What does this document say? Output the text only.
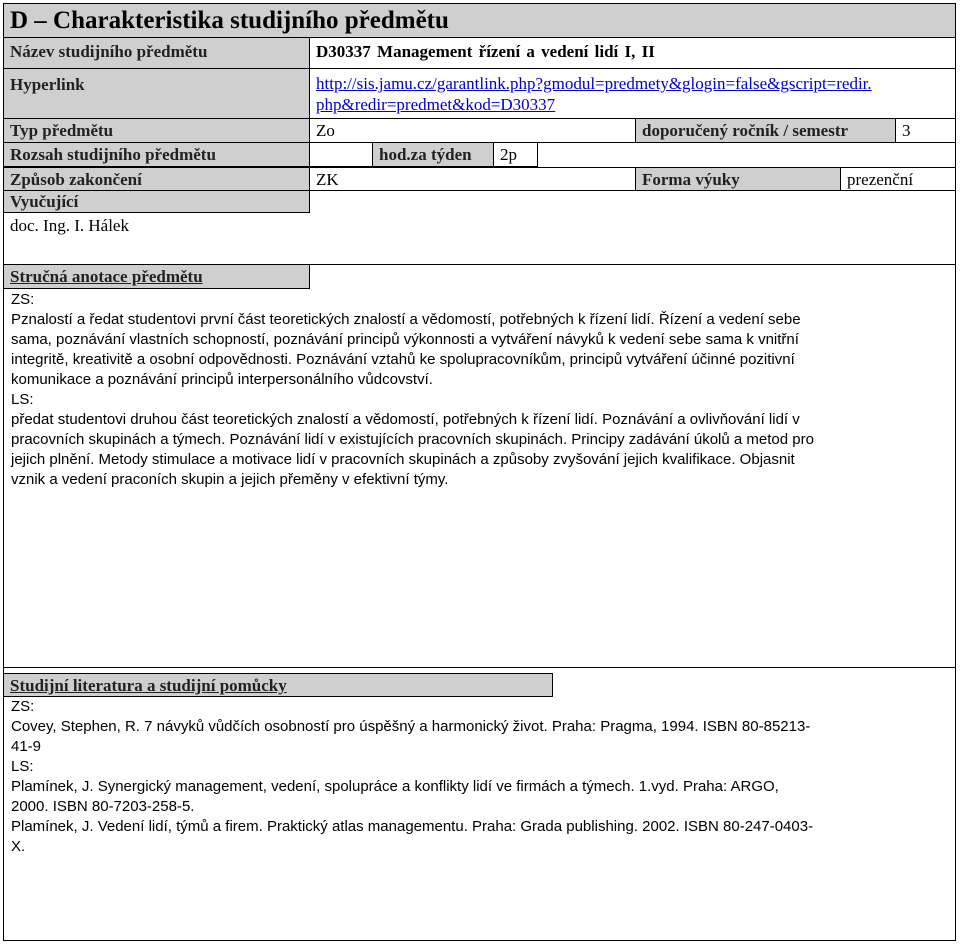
D – Charakteristika studijního předmětu
Název studijního předmětu	D30337 Management řízení a vedení lidí I, II
Hyperlink	http://sis.jamu.cz/garantlink.php?gmodul=predmety&glogin=false&gscript=redir.
php&redir=predmet&kod=D30337
Typ předmětu	Zo	doporučený ročník / semestr	3
Rozsah studijního předmětu	hod.za týden	2p
Způsob zakončení	ZK	Forma výuky	prezenční
Vyučující
doc. Ing. I. Hálek
Stručná anotace předmětu
ZS:
Pznalostí a ředat studentovi první část teoretických znalostí a vědomostí, potřebných k řízení lidí. Řízení a vedení sebe
sama, poznávání vlastních schopností, poznávání principů výkonnosti a vytváření návyků k vedení sebe sama k vnitřní
integritě, kreativitě a osobní odpovědnosti. Poznávání vztahů ke spolupracovníkům, principů vytváření účinné pozitivní
komunikace a poznávání principů interpersonálního vůdcovství.
LS:
předat studentovi druhou část teoretických znalostí a vědomostí, potřebných k řízení lidí. Poznávání a ovlivňování lidí v
pracovních skupinách a týmech. Poznávání lidí v existujících pracovních skupinách. Principy zadávání úkolů a metod pro
jejich plnění. Metody stimulace a motivace lidí v pracovních skupinách a způsoby zvyšování jejich kvalifikace. Objasnit
vznik a vedení praconích skupin a jejich přeměny v efektivní týmy.
Studijní literatura a studijní pomůcky
ZS:
Covey, Stephen, R. 7 návyků vůdčích osobností pro úspěšný a harmonický život. Praha: Pragma, 1994. ISBN 80-85213-
41-9
LS:
Plamínek, J. Synergický management, vedení, spolupráce a konflikty lidí ve firmách a týmech. 1.vyd. Praha: ARGO,
2000. ISBN 80-7203-258-5.
Plamínek, J. Vedení lidí, týmů a firem. Praktický atlas managementu. Praha: Grada publishing. 2002. ISBN 80-247-0403-
X.
